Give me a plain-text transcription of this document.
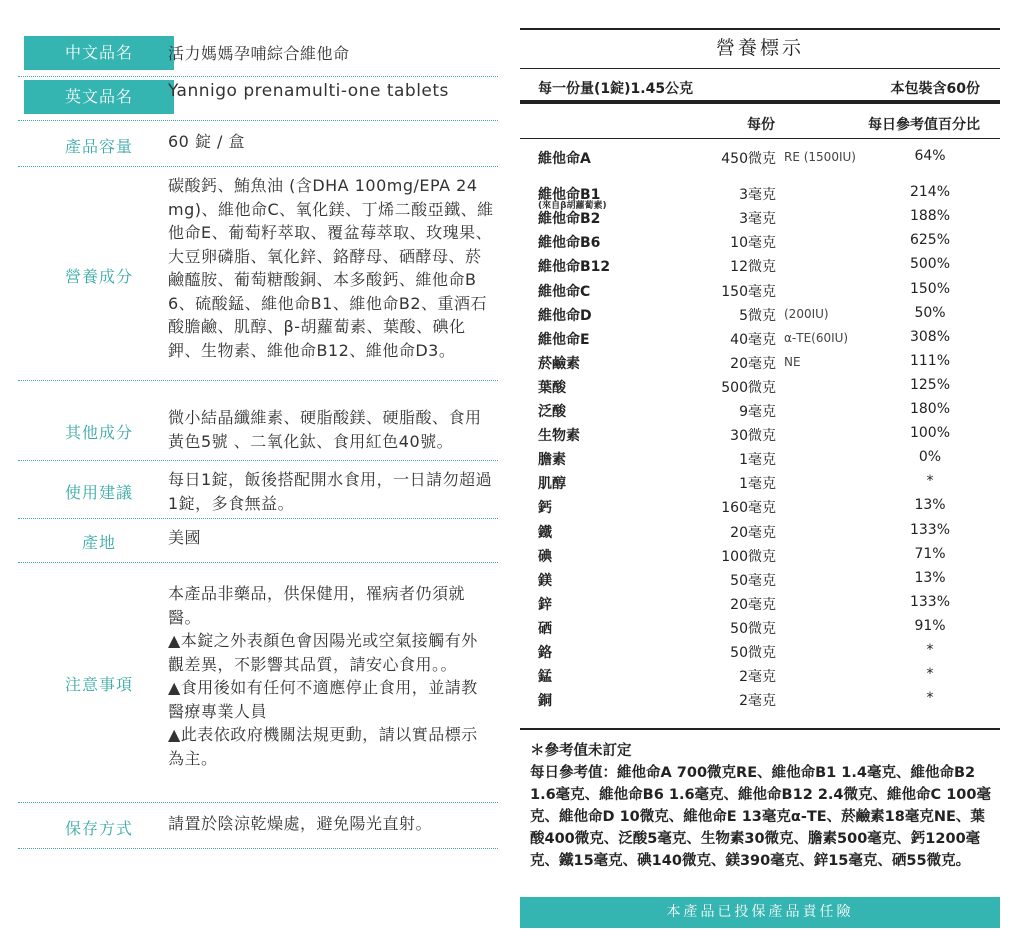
中文品名	活力媽媽孕哺綜合維他命
英文品名	Yannigo prenamulti-one tablets
產品容量	60 錠 / 盒
營養成分
碳酸鈣、鮪魚油 (含DHA 100mg/EPA 24 mg)、維他命C、氧化鎂、丁烯二酸亞鐵、維他命E、葡萄籽萃取、覆盆莓萃取、玫瑰果、大豆卵磷脂、氧化鋅、鉻酵母、硒酵母、菸鹼醯胺、葡萄糖酸銅、本多酸鈣、維他命B6、硫酸錳、維他命B1、維他命B2、重酒石酸膽鹼、肌醇、β-胡蘿蔔素、葉酸、碘化鉀、生物素、維他命B12、維他命D3。
其他成分
微小結晶纖維素、硬脂酸鎂、硬脂酸、食用黃色5號 、二氧化鈦、食用紅色40號。
使用建議
每日1錠，飯後搭配開水食用，一日請勿超過1錠，多食無益。
產地	美國
注意事項
本產品非藥品，供保健用，罹病者仍須就醫。
▲本錠之外表顏色會因陽光或空氣接觸有外觀差異，不影響其品質，請安心食用。。
▲食用後如有任何不適應停止食用，並請教醫療專業人員
▲此表依政府機關法規更動，請以實品標示為主。
保存方式	請置於陰涼乾燥處，避免陽光直射。
營養標示
每一份量(1錠)1.45公克	本包裝含60份
每份	每日參考值百分比
維他命A	450微克 RE (1500IU)	64%
維他命B1	3毫克	214%
維他命B2	3毫克	188%
維他命B6	10毫克	625%
維他命B12	12微克	500%
維他命C	150毫克	150%
維他命D	5微克 (200IU)	50%
維他命E	40毫克 α-TE(60IU)	308%
菸鹼素	20毫克 NE	111%
葉酸	500微克	125%
泛酸	9毫克	180%
生物素	30微克	100%
膽素	1毫克	0%
肌醇	1毫克	*
鈣	160毫克	13%
鐵	20毫克	133%
碘	100微克	71%
鎂	50毫克	13%
鋅	20毫克	133%
硒	50微克	91%
鉻	50微克	*
錳	2毫克	*
銅	2毫克	*
(來自β胡蘿蔔素)
＊參考值未訂定
每日參考值：維他命A 700微克RE、維他命B1 1.4毫克、維他命B2 1.6毫克、維他命B6 1.6毫克、維他命B12 2.4微克、維他命C 100毫克、維他命D 10微克、維他命E 13毫克α-TE、菸鹼素18毫克NE、葉酸400微克、泛酸5毫克、生物素30微克、膽素500毫克、鈣1200毫克、鐵15毫克、碘140微克、鎂390毫克、鋅15毫克、硒55微克。
本產品已投保產品責任險
